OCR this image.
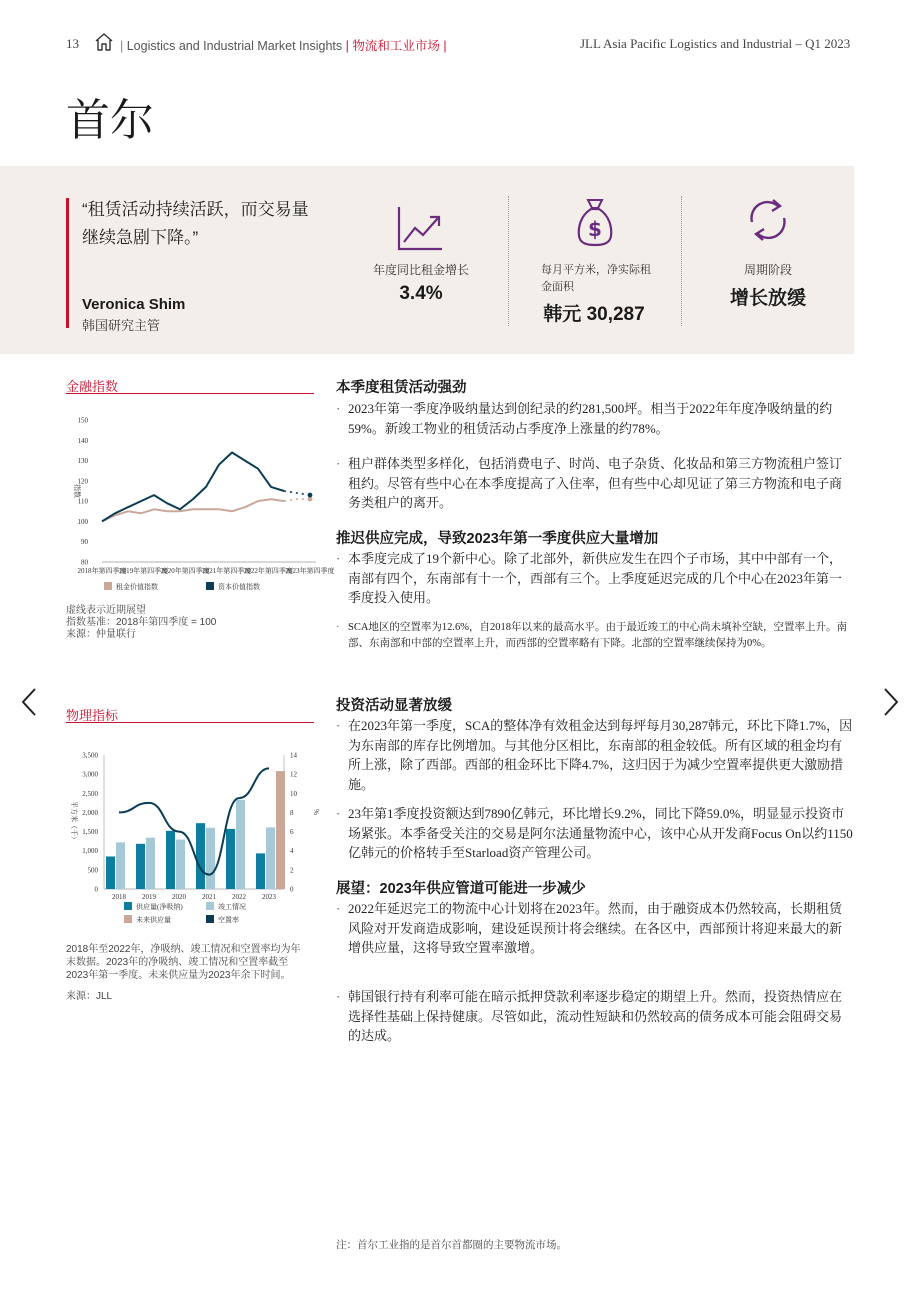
13	| Logistics and Industrial Market Insights | 物流和工业市场 |	JLL Asia Pacific Logistics and Industrial – Q1 2023
首尔
“租赁活动持续活跃，而交易量继续急剧下降。”
Veronica Shim
韩国研究主管
年度同比租金增长
3.4%
$
每月平方米，净实际租金面积
韩元 30,287
周期阶段
增长放缓
金融指数
80
90
100
110
120
130
140
150
指数
2018年第四季度
2019年第四季度
2020年第四季度
2021年第四季度
2022年第四季度
2023年第四季度
租金价值指数	资本价值指数
虚线表示近期展望
指数基准：2018年第四季度 = 100
来源：仲量联行
物理指标
0
500
1,000
1,500
2,000
2,500
3,000
3,500
0
2
4
6
8
10
12
14
平方米（千）	%
2018 2019 2020 2021 2022 2023
供应量(净吸纳)	竣工情况
未来供应量	空置率
2018年至2022年，净吸纳、竣工情况和空置率均为年末数据。2023年的净吸纳、竣工情况和空置率截至2023年第一季度。未来供应量为2023年余下时间。
来源：JLL
本季度租赁活动强劲
· 2023年第一季度净吸纳量达到创纪录的约281,500坪。相当于2022年年度净吸纳量的约59%。新竣工物业的租赁活动占季度净上涨量的约78%。
· 租户群体类型多样化，包括消费电子、时尚、电子杂货、化妆品和第三方物流租户签订租约。尽管有些中心在本季度提高了入住率，但有些中心却见证了第三方物流和电子商务类租户的离开。
推迟供应完成，导致2023年第一季度供应大量增加
· 本季度完成了19个新中心。除了北部外，新供应发生在四个子市场，其中中部有一个，南部有四个，东南部有十一个，西部有三个。上季度延迟完成的几个中心在2023年第一季度投入使用。
· SCA地区的空置率为12.6%，自2018年以来的最高水平。由于最近竣工的中心尚未填补空缺，空置率上升。南部、东南部和中部的空置率上升，而西部的空置率略有下降。北部的空置率继续保持为0%。
投资活动显著放缓
· 在2023年第一季度，SCA的整体净有效租金达到每坪每月30,287韩元，环比下降1.7%，因为东南部的库存比例增加。与其他分区相比，东南部的租金较低。所有区域的租金均有所上涨，除了西部。西部的租金环比下降4.7%，这归因于为减少空置率提供更大激励措施。
· 23年第1季度投资额达到7890亿韩元，环比增长9.2%，同比下降59.0%，明显显示投资市场紧张。本季备受关注的交易是阿尔法通量物流中心，该中心从开发商Focus On以约1150亿韩元的价格转手至Starload资产管理公司。
展望：2023年供应管道可能进一步减少
· 2022年延迟完工的物流中心计划将在2023年。然而，由于融资成本仍然较高，长期租赁风险对开发商造成影响，建设延误预计将会继续。在各区中，西部预计将迎来最大的新增供应量，这将导致空置率激增。
· 韩国银行持有利率可能在暗示抵押贷款利率逐步稳定的期望上升。然而，投资热情应在选择性基础上保持健康。尽管如此，流动性短缺和仍然较高的债务成本可能会阻碍交易的达成。
注：首尔工业指的是首尔首都圈的主要物流市场。
